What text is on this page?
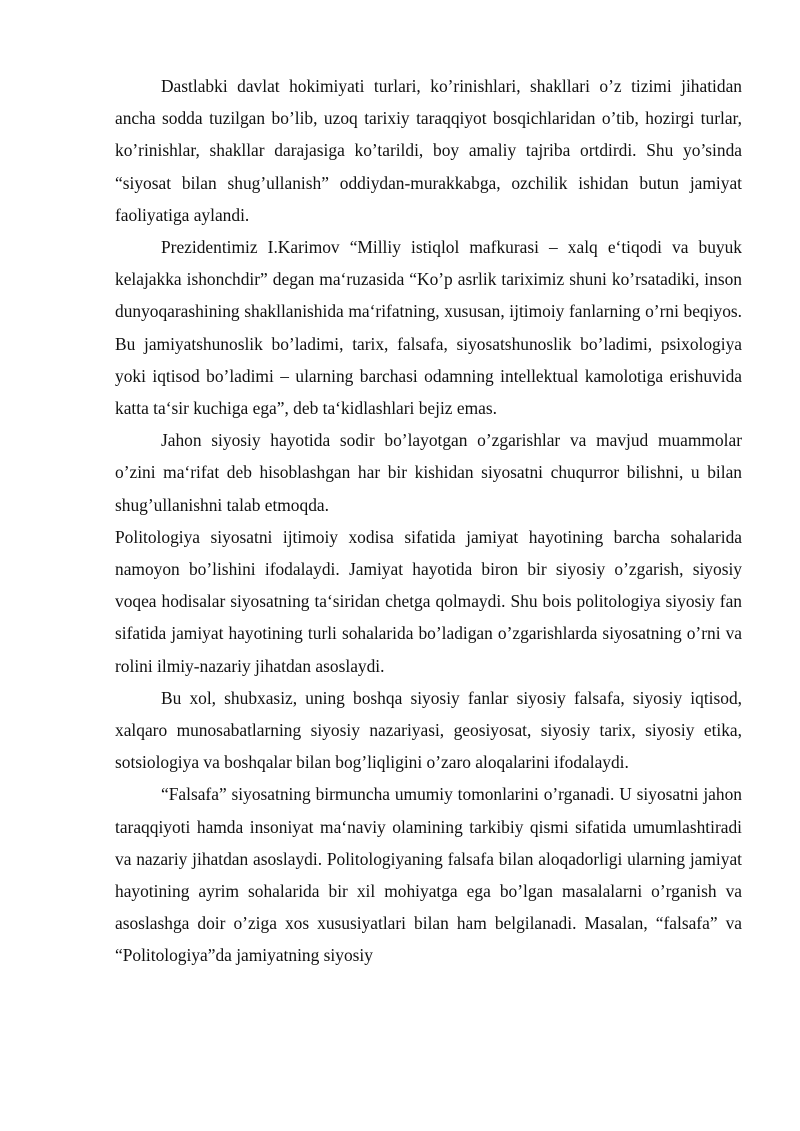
Dastlabki davlat hokimiyati turlari, ko’rinishlari, shakllari o’z tizimi jihatidan ancha sodda tuzilgan bo’lib, uzoq tarixiy taraqqiyot bosqichlaridan o’tib, hozirgi turlar, ko’rinishlar, shakllar darajasiga ko’tarildi, boy amaliy tajriba ortdirdi. Shu yo’sinda “siyosat bilan shug’ullanish” oddiydan-murakkabga, ozchilik ishidan butun jamiyat faoliyatiga aylandi.

Prezidentimiz I.Karimov “Milliy istiqlol mafkurasi – xalq e‘tiqodi va buyuk kelajakka ishonchdir” degan ma‘ruzasida “Ko’p asrlik tariximiz shuni ko’rsatadiki, inson dunyoqarashining shakllanishida ma‘rifatning, xususan, ijtimoiy fanlarning o’rni beqiyos. Bu jamiyatshunoslik bo’ladimi, tarix, falsafa, siyosatshunoslik bo’ladimi, psixologiya yoki iqtisod bo’ladimi – ularning barchasi odamning intellektual kamolotiga erishuvida katta ta‘sir kuchiga ega”, deb ta‘kidlashlari bejiz emas.

Jahon siyosiy hayotida sodir bo’layotgan o’zgarishlar va mavjud muammolar o’zini ma‘rifat deb hisoblashgan har bir kishidan siyosatni chuqurror bilishni, u bilan shug’ullanishni talab etmoqda.

Politologiya siyosatni ijtimoiy xodisa sifatida jamiyat hayotining barcha sohalarida namoyon bo’lishini ifodalaydi. Jamiyat hayotida biron bir siyosiy o’zgarish, siyosiy voqea hodisalar siyosatning ta‘siridan chetga qolmaydi. Shu bois politologiya siyosiy fan sifatida jamiyat hayotining turli sohalarida bo’ladigan o’zgarishlarda siyosatning o’rni va rolini ilmiy-nazariy jihatdan asoslaydi.

Bu xol, shubxasiz, uning boshqa siyosiy fanlar siyosiy falsafa, siyosiy iqtisod, xalqaro munosabatlarning siyosiy nazariyasi, geosiyosat, siyosiy tarix, siyosiy etika, sotsiologiya va boshqalar bilan bog’liqligini o’zaro aloqalarini ifodalaydi.

“Falsafa” siyosatning birmuncha umumiy tomonlarini o’rganadi. U siyosatni jahon taraqqiyoti hamda insoniyat ma‘naviy olamining tarkibiy qismi sifatida umumlashtiradi va nazariy jihatdan asoslaydi. Politologiyaning falsafa bilan aloqadorligi ularning jamiyat hayotining ayrim sohalarida bir xil mohiyatga ega bo’lgan masalalarni o’rganish va asoslashga doir o’ziga xos xususiyatlari bilan ham belgilanadi. Masalan, “falsafa” va “Politologiya”da jamiyatning siyosiy
